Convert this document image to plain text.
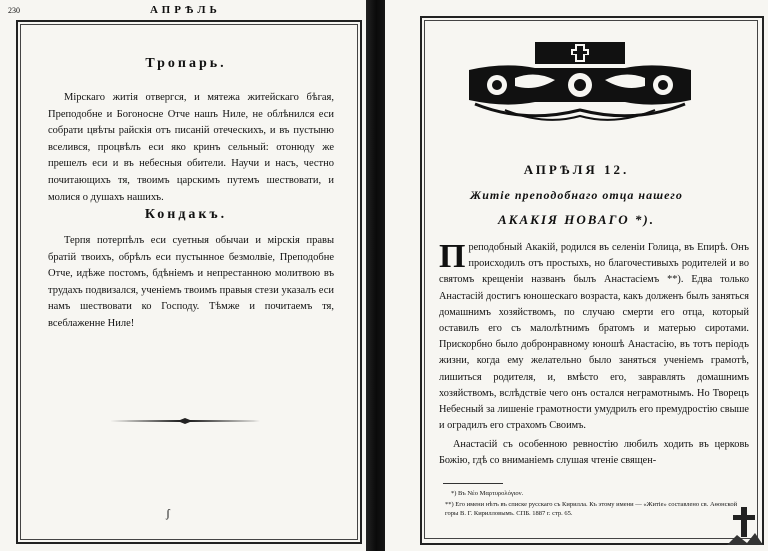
230	АПРѢЛЬ
Тропарь.
Мірскаго житія отвергся, и мятежа житейскаго бѣгая, Преподобне и Богоносне Отче нашъ Ниле, не облѣнился еси собрати цвѣты райскія отъ писаній отеческихъ, и въ пустыню вселився, процвѣлъ еси яко кринъ сельный: отонюду же прешелъ еси и въ небесныя обители. Научи и насъ, честно почитающихъ тя, твоимъ царскимъ путемъ шествовати, и молися о душахъ нашихъ.
Кондакъ.
Терпя потерпѣлъ еси суетныя обычаи и мірскія правы братій твоихъ, обрѣлъ еси пустынное безмолвіе, Преподобне Отче, идѣже постомъ, бдѣніемъ и непрестанною молитвою въ трудахъ подвизался, ученіемъ твоимъ правыя стези указалъ еси намъ шествовати ко Господу. Тѣмже и почитаемъ тя, всеблаженне Ниле!
ʃ
АПРѢЛЯ 12.
Житіе преподобнаго отца нашего
АКАКІЯ НОВАГО *).
Преподобный Акакій, родился въ селеніи Голица, въ Епирѣ. Онъ происходилъ отъ простыхъ, но благочестивыхъ родителей и во святомъ крещеніи названъ былъ Анастасіемъ **). Едва только Анастасій достигъ юношескаго возраста, какъ долженъ былъ заняться домашнимъ хозяйствомъ, по случаю смерти его отца, который оставилъ его съ малолѣтнимъ братомъ и матерью сиротами. Прискорбно было добронравному юношѣ Анастасію, въ тотъ періодъ жизни, когда ему желательно было заняться ученіемъ грамотѣ, лишиться родителя, и, вмѣсто его, завравлять домашнимъ хозяйствомъ, вслѣдствіе чего онъ остался неграмотнымъ. Но Творецъ Небесный за лишеніе грамотности умудрилъ его премудростію свыше и оградилъ его страхомъ Своимъ.
Анастасій съ особенною ревностію любилъ ходить въ церковь Божію, гдѣ со вниманіемъ слушая чтеніе священ-
*) Въ Νέο Μαρτυρολόγιον.
**) Его имени нѣтъ въ списке русскаго съ Кирилла. Къ этому имени — «Житіе» составлено св. Аѳонской горы В. Г. Кирилловымъ. СПБ. 1887 г. стр. 65.
